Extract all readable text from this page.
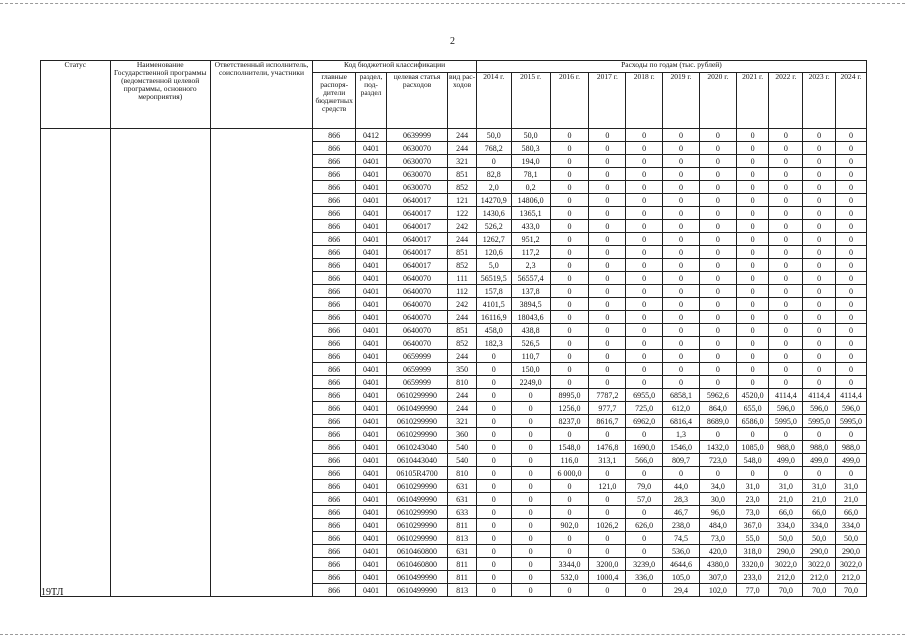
2
Статус	Наименование Государственной программы (ведомственной целевой программы, основного мероприятия)	Ответственный исполнитель, соисполнители, участники	Код бюджетной классификации				Расходы по годам (тыс. рублей)										
			главные распоря-дители бюджетных средств	раздел, под-раздел	целевая статья расходов	вид рас-ходов	2014 г.	2015 г.	2016 г.	2017 г.	2018 г.	2019 г.	2020 г.	2021 г.	2022 г.	2023 г.	2024 г.
			866	0412	0639999	244	50,0	50,0	0	0	0	0	0	0	0	0	0
			866	0401	0630070	244	768,2	580,3	0	0	0	0	0	0	0	0	0
			866	0401	0630070	321	0	194,0	0	0	0	0	0	0	0	0	0
			866	0401	0630070	851	82,8	78,1	0	0	0	0	0	0	0	0	0
			866	0401	0630070	852	2,0	0,2	0	0	0	0	0	0	0	0	0
			866	0401	0640017	121	14270,9	14806,0	0	0	0	0	0	0	0	0	0
			866	0401	0640017	122	1430,6	1365,1	0	0	0	0	0	0	0	0	0
			866	0401	0640017	242	526,2	433,0	0	0	0	0	0	0	0	0	0
			866	0401	0640017	244	1262,7	951,2	0	0	0	0	0	0	0	0	0
			866	0401	0640017	851	120,6	117,2	0	0	0	0	0	0	0	0	0
			866	0401	0640017	852	5,0	2,3	0	0	0	0	0	0	0	0	0
			866	0401	0640070	111	56519,5	56557,4	0	0	0	0	0	0	0	0	0
			866	0401	0640070	112	157,8	137,8	0	0	0	0	0	0	0	0	0
			866	0401	0640070	242	4101,5	3894,5	0	0	0	0	0	0	0	0	0
			866	0401	0640070	244	16116,9	18043,6	0	0	0	0	0	0	0	0	0
			866	0401	0640070	851	458,0	438,8	0	0	0	0	0	0	0	0	0
			866	0401	0640070	852	182,3	526,5	0	0	0	0	0	0	0	0	0
			866	0401	0659999	244	0	110,7	0	0	0	0	0	0	0	0	0
			866	0401	0659999	350	0	150,0	0	0	0	0	0	0	0	0	0
			866	0401	0659999	810	0	2249,0	0	0	0	0	0	0	0	0	0
			866	0401	0610299990	244	0	0	8995,0	7787,2	6955,0	6858,1	5962,6	4520,0	4114,4	4114,4	4114,4
			866	0401	0610499990	244	0	0	1256,0	977,7	725,0	612,0	864,0	655,0	596,0	596,0	596,0
			866	0401	0610299990	321	0	0	8237,0	8616,7	6962,0	6816,4	8689,0	6586,0	5995,0	5995,0	5995,0
			866	0401	0610299990	360	0	0	0	0	0	1,3	0	0	0	0	0
			866	0401	0610243040	540	0	0	1548,0	1476,8	1690,0	1546,0	1432,0	1085,0	988,0	988,0	988,0
			866	0401	0610443040	540	0	0	116,0	313,1	566,0	809,7	723,0	548,0	499,0	499,0	499,0
			866	0401	06105R4700	810	0	0	6 000,0	0	0	0	0	0	0	0	0
			866	0401	0610299990	631	0	0	0	121,0	79,0	44,0	34,0	31,0	31,0	31,0	31,0
			866	0401	0610499990	631	0	0	0	0	57,0	28,3	30,0	23,0	21,0	21,0	21,0
			866	0401	0610299990	633	0	0	0	0	0	46,7	96,0	73,0	66,0	66,0	66,0
			866	0401	0610299990	811	0	0	902,0	1026,2	626,0	238,0	484,0	367,0	334,0	334,0	334,0
			866	0401	0610299990	813	0	0	0	0	0	74,5	73,0	55,0	50,0	50,0	50,0
			866	0401	0610460800	631	0	0	0	0	0	536,0	420,0	318,0	290,0	290,0	290,0
			866	0401	0610460800	811	0	0	3344,0	3200,0	3239,0	4644,6	4380,0	3320,0	3022,0	3022,0	3022,0
			866	0401	0610499990	811	0	0	532,0	1000,4	336,0	105,0	307,0	233,0	212,0	212,0	212,0
			866	0401	0610499990	813	0	0	0	0	0	29,4	102,0	77,0	70,0	70,0	70,0
19ТЛ
